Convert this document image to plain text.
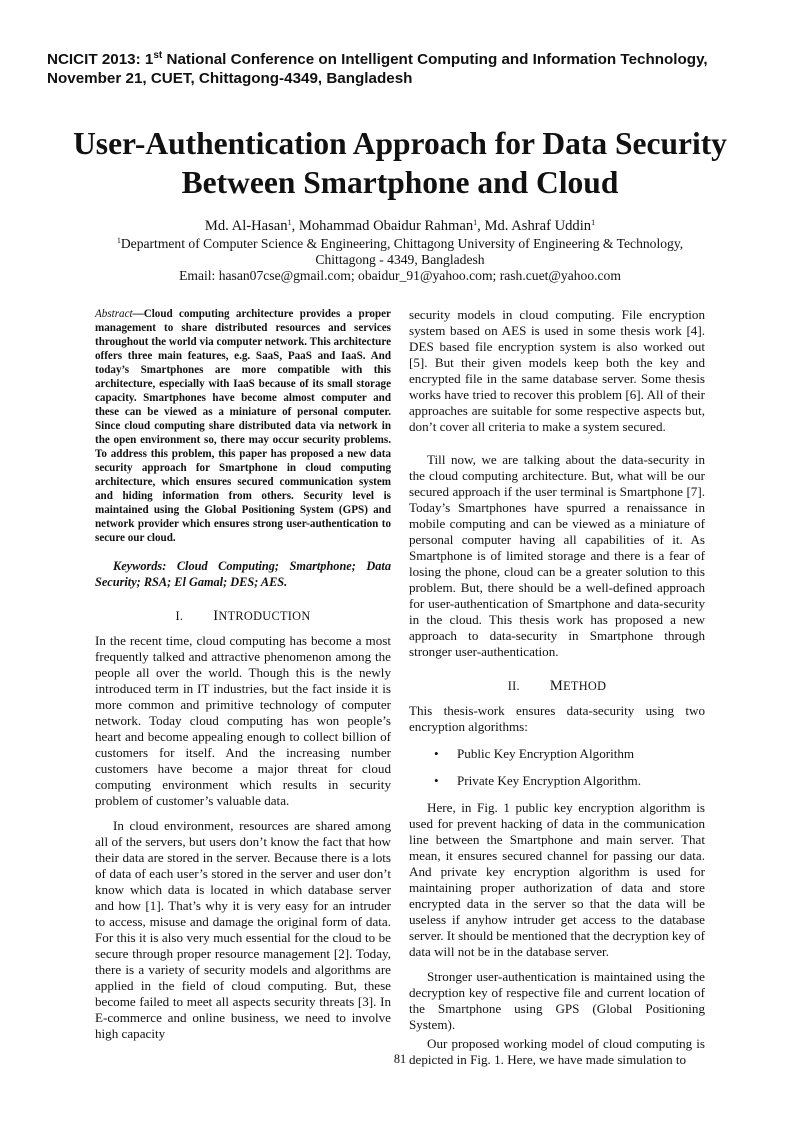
NCICIT 2013: 1st National Conference on Intelligent Computing and Information Technology,
November 21, CUET, Chittagong-4349, Bangladesh
User-Authentication Approach for Data Security
Between Smartphone and Cloud
Md. Al-Hasan$^1$, Mohammad Obaidur Rahman$^1$, Md. Ashraf Uddin$^1$
$^1$Department of Computer Science & Engineering, Chittagong University of Engineering & Technology,
Chittagong - 4349, Bangladesh
Email: hasan07cse@gmail.com; obaidur_91@yahoo.com; rash.cuet@yahoo.com

Abstract—Cloud computing architecture provides a proper management to share distributed resources and services throughout the world via computer network. This architecture offers three main features, e.g. SaaS, PaaS and IaaS. And today’s Smartphones are more compatible with this architecture, especially with IaaS because of its small storage capacity. Smartphones have become almost computer and these can be viewed as a miniature of personal computer. Since cloud computing share distributed data via network in the open environment so, there may occur security problems. To address this problem, this paper has proposed a new data security approach for Smartphone in cloud computing architecture, which ensures secured communication system and hiding information from others. Security level is maintained using the Global Positioning System (GPS) and network provider which ensures strong user-authentication to secure our cloud.

Keywords: Cloud Computing; Smartphone; Data Security; RSA; El Gamal; DES; AES.

I. INTRODUCTION

In the recent time, cloud computing has become a most frequently talked and attractive phenomenon among the people all over the world. Though this is the newly introduced term in IT industries, but the fact inside it is more common and primitive technology of computer network. Today cloud computing has won people’s heart and become appealing enough to collect billion of customers for itself. And the increasing number customers have become a major threat for cloud computing environment which results in security problem of customer’s valuable data.

In cloud environment, resources are shared among all of the servers, but users don’t know the fact that how their data are stored in the server. Because there is a lots of data of each user’s stored in the server and user don’t know which data is located in which database server and how [1]. That’s why it is very easy for an intruder to access, misuse and damage the original form of data. For this it is also very much essential for the cloud to be secure through proper resource management [2]. Today, there is a variety of security models and algorithms are applied in the field of cloud computing. But, these become failed to meet all aspects security threats [3]. In E-commerce and online business, we need to involve high capacity

security models in cloud computing. File encryption system based on AES is used in some thesis work [4]. DES based file encryption system is also worked out [5]. But their given models keep both the key and encrypted file in the same database server. Some thesis works have tried to recover this problem [6]. All of their approaches are suitable for some respective aspects but, don’t cover all criteria to make a system secured.

Till now, we are talking about the data-security in the cloud computing architecture. But, what will be our secured approach if the user terminal is Smartphone [7]. Today’s Smartphones have spurred a renaissance in mobile computing and can be viewed as a miniature of personal computer having all capabilities of it. As Smartphone is of limited storage and there is a fear of losing the phone, cloud can be a greater solution to this problem. But, there should be a well-defined approach for user-authentication of Smartphone and data-security in the cloud. This thesis work has proposed a new approach to data-security in Smartphone through stronger user-authentication.

II. METHOD

This thesis-work ensures data-security using two encryption algorithms:

• Public Key Encryption Algorithm
• Private Key Encryption Algorithm.

Here, in Fig. 1 public key encryption algorithm is used for prevent hacking of data in the communication line between the Smartphone and main server. That mean, it ensures secured channel for passing our data. And private key encryption algorithm is used for maintaining proper authorization of data and store encrypted data in the server so that the data will be useless if anyhow intruder get access to the database server. It should be mentioned that the decryption key of data will not be in the database server.

Stronger user-authentication is maintained using the decryption key of respective file and current location of the Smartphone using GPS (Global Positioning System).

Our proposed working model of cloud computing is depicted in Fig. 1. Here, we have made simulation to

81
